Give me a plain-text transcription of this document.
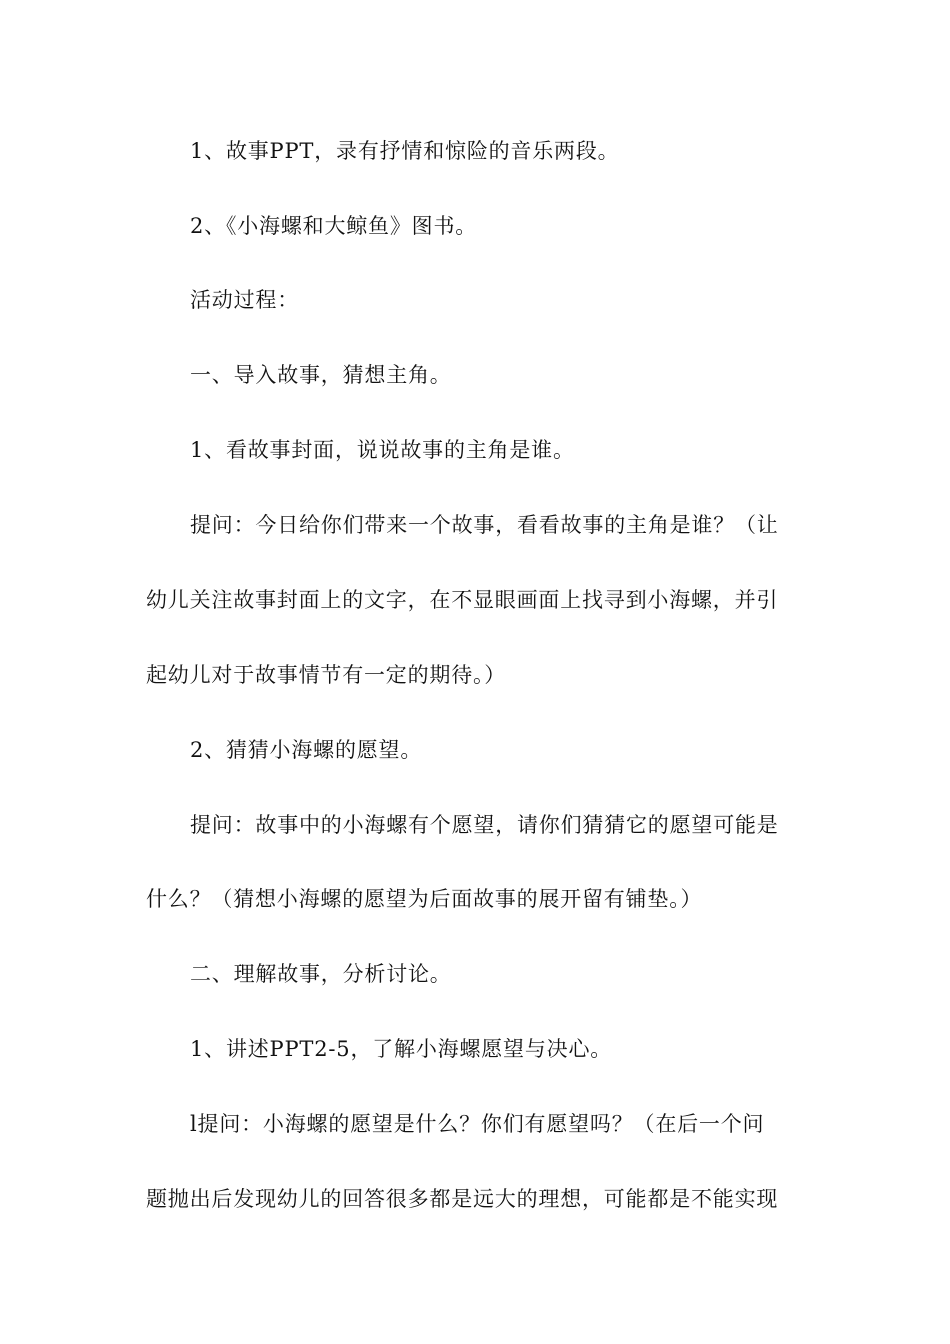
1、故事PPT，录有抒情和惊险的音乐两段。
2、《小海螺和大鲸鱼》图书。
活动过程：
一、导入故事，猜想主角。
1、看故事封面，说说故事的主角是谁。
提问：今日给你们带来一个故事，看看故事的主角是谁？（让
幼儿关注故事封面上的文字，在不显眼画面上找寻到小海螺，并引
起幼儿对于故事情节有一定的期待。）
2、猜猜小海螺的愿望。
提问：故事中的小海螺有个愿望，请你们猜猜它的愿望可能是
什么？（猜想小海螺的愿望为后面故事的展开留有铺垫。）
二、理解故事，分析讨论。
1、讲述PPT2-5，了解小海螺愿望与决心。
l提问：小海螺的愿望是什么？你们有愿望吗？（在后一个问
题抛出后发现幼儿的回答很多都是远大的理想，可能都是不能实现
